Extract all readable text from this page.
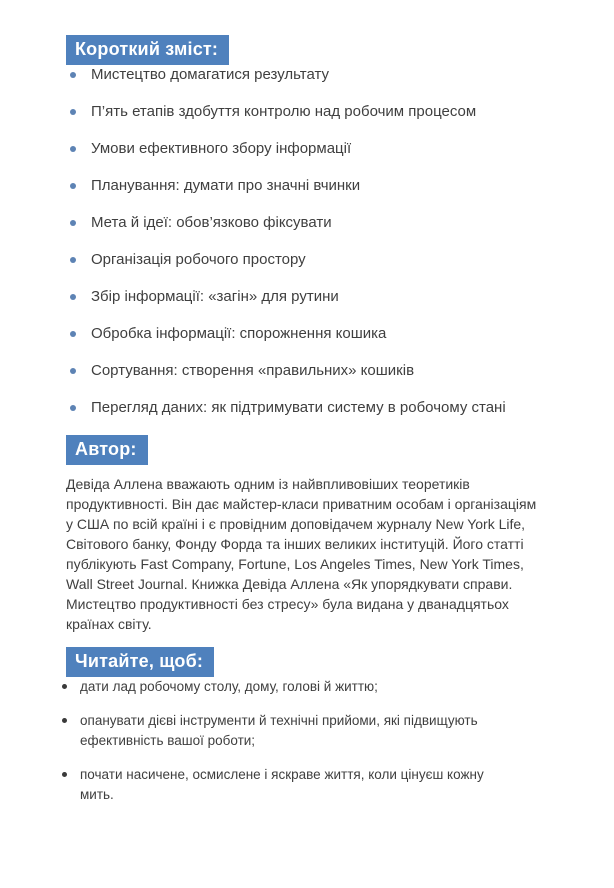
Короткий зміст:
Мистецтво домагатися результату
П’ять етапів здобуття контролю над робочим процесом
Умови ефективного збору інформації
Планування: думати про значні вчинки
Мета й ідеї: обов’язково фіксувати
Організація робочого простору
Збір інформації: «загін» для рутини
Обробка інформації: спорожнення кошика
Сортування: створення «правильних» кошиків
Перегляд даних: як підтримувати систему в робочому стані
Автор:

Девіда Аллена вважають одним із найвпливовіших теоретиків продуктивності. Він дає майстер-класи приватним особам і організаціям у США по всій країні і є провідним доповідачем журналу New York Life, Світового банку, Фонду Форда та інших великих інституцій. Його статті публікують Fast Company, Fortune, Los Angeles Times, New York Times, Wall Street Journal. Книжка Девіда Аллена «Як упорядкувати справи. Мистецтво продуктивності без стресу» була видана у дванадцятьох країнах світу.

Читайте, щоб:
дати лад робочому столу, дому, голові й життю;
опанувати дієві інструменти й технічні прийоми, які підвищують ефективність вашої роботи;
почати насичене, осмислене і яскраве життя, коли цінуєш кожну мить.
